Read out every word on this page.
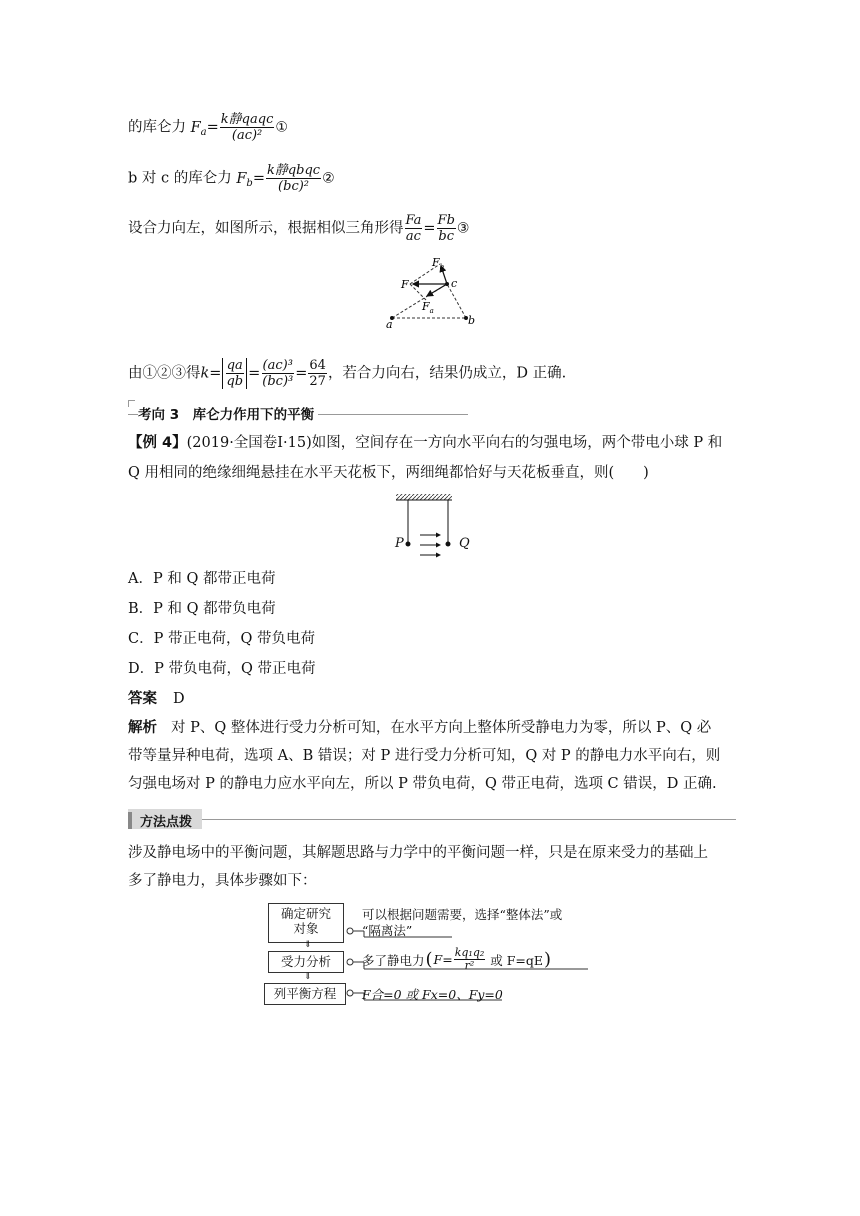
的库仑力 $F_a= \frac{\text{k静qaqc}}{\text{(ac)²}}$ ①
b 对 c 的库仑力 $F_b= \frac{\text{k静qbqc}}{\text{(bc)²}}$ ②
设合力向左，如图所示，根据相似三角形得 $\frac{Fa}{ac} = \frac{Fb}{bc}$ ③
$F_b$
F	c
$F_a$
a	b
由①②③得$k= \frac{qa}{qb} = \frac{\text{(ac)³}}{\text{(bc)³}} = \frac{64}{27}$ ，若合力向右，结果仍成立，D 正确.
考向 3　库仑力作用下的平衡
【例 4】(2019·全国卷Ⅰ·15)如图，空间存在一方向水平向右的匀强电场，两个带电小球 P 和
Q 用相同的绝缘细绳悬挂在水平天花板下，两细绳都恰好与天花板垂直，则(　　)
P	Q
A．P 和 Q 都带正电荷
B．P 和 Q 都带负电荷
C．P 带正电荷，Q 带负电荷
D．P 带负电荷，Q 带正电荷
答案 D
解析 对 P、Q 整体进行受力分析可知，在水平方向上整体所受静电力为零，所以 P、Q 必
带等量异种电荷，选项 A、B 错误；对 P 进行受力分析可知，Q 对 P 的静电力水平向右，则
匀强电场对 P 的静电力应水平向左，所以 P 带负电荷，Q 带正电荷，选项 C 错误，D 正确.
方法点拨
涉及静电场中的平衡问题，其解题思路与力学中的平衡问题一样，只是在原来受力的基础上
多了静电力，具体步骤如下：
确定研究对象
⇓
受力分析
⇓
列平衡方程
可以根据问题需要，选择“整体法”或
“隔离法”
多了静电力 ( $F= \frac{\text{kq₁q₂}}{\text{r²}}$ 或 F=qE )
F合=0 或 Fx=0、Fy=0
